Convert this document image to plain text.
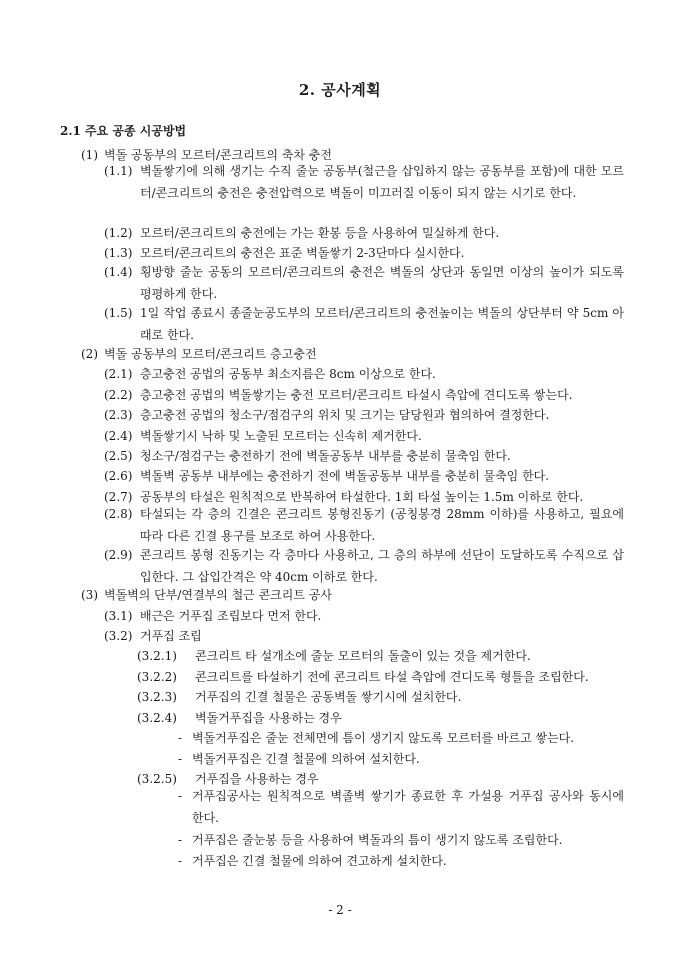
2. 공사계획
2.1 주요 공종 시공방법
(1) 벽돌 공동부의 모르터/콘크리트의 축차 충전
(1.1) 벽돌쌓기에 의해 생기는 수직 줄눈 공동부(철근을 삽입하지 않는 공동부를 포함)에 대한 모르터/콘크리트의 충전은 충전압력으로 벽돌이 미끄러질 이동이 되지 않는 시기로 한다.
(1.2) 모르터/콘크리트의 충전에는 가는 환봉 등을 사용하여 밀실하게 한다.
(1.3) 모르터/콘크리트의 충전은 표준 벽돌쌓기 2-3단마다 실시한다.
(1.4) 횡방향 줄눈 공동의 모르터/콘크리트의 충전은 벽돌의 상단과 동일면 이상의 높이가 되도록 평평하게 한다.
(1.5) 1일 작업 종료시 종줄눈공도부의 모르터/콘크리트의 충전높이는 벽돌의 상단부터 약 5cm 아래로 한다.
(2) 벽돌 공동부의 모르터/콘크리트 층고충전
(2.1) 층고충전 공법의 공동부 최소지름은 8cm 이상으로 한다.
(2.2) 층고충전 공법의 벽돌쌓기는 충전 모르터/콘크리트 타설시 측압에 견디도록 쌓는다.
(2.3) 층고충전 공법의 청소구/점검구의 위치 및 크기는 담당원과 협의하여 결정한다.
(2.4) 벽돌쌓기시 낙하 및 노출된 모르터는 신속히 제거한다.
(2.5) 청소구/점검구는 충전하기 전에 벽돌공동부 내부를 충분히 물축임 한다.
(2.6) 벽돌벽 공동부 내부에는 충전하기 전에 벽돌공동부 내부를 충분히 물축임 한다.
(2.7) 공동부의 타설은 원칙적으로 반복하여 타설한다. 1회 타설 높이는 1.5m 이하로 한다.
(2.8) 타설되는 각 층의 긴결은 콘크리트 봉형진동기 (공칭봉경 28mm 이하)를 사용하고, 필요에 따라 다른 긴결 용구를 보조로 하여 사용한다.
(2.9) 콘크리트 봉형 진동기는 각 층마다 사용하고, 그 층의 하부에 선단이 도달하도록 수직으로 삽입한다. 그 삽입간격은 약 40cm 이하로 한다.
(3) 벽돌벽의 단부/연결부의 철근 콘크리트 공사
(3.1) 배근은 거푸집 조립보다 먼저 한다.
(3.2) 거푸집 조립
(3.2.1)	콘크리트 타 설개소에 줄눈 모르터의 돌출이 있는 것을 제거한다.
(3.2.2)	콘크리트를 타설하기 전에 콘크리트 타설 측압에 견디도록 형틀을 조립한다.
(3.2.3)	거푸집의 긴결 철물은 공동벽돌 쌓기시에 설치한다.
(3.2.4)	벽돌거푸집을 사용하는 경우
- 벽돌거푸집은 줄눈 전체면에 틈이 생기지 않도록 모르터를 바르고 쌓는다.
- 벽돌거푸집은 긴결 철물에 의하여 설치한다.
(3.2.5)	거푸집을 사용하는 경우
- 거푸집공사는 원칙적으로 벽졸벽 쌓기가 종료한 후 가설용 거푸집 공사와 동시에 한다.
- 거푸집은 줄눈봉 등을 사용하여 벽돌과의 틈이 생기지 않도록 조립한다.
- 거푸집은 긴결 철물에 의하여 견고하게 설치한다.
- 2 -
